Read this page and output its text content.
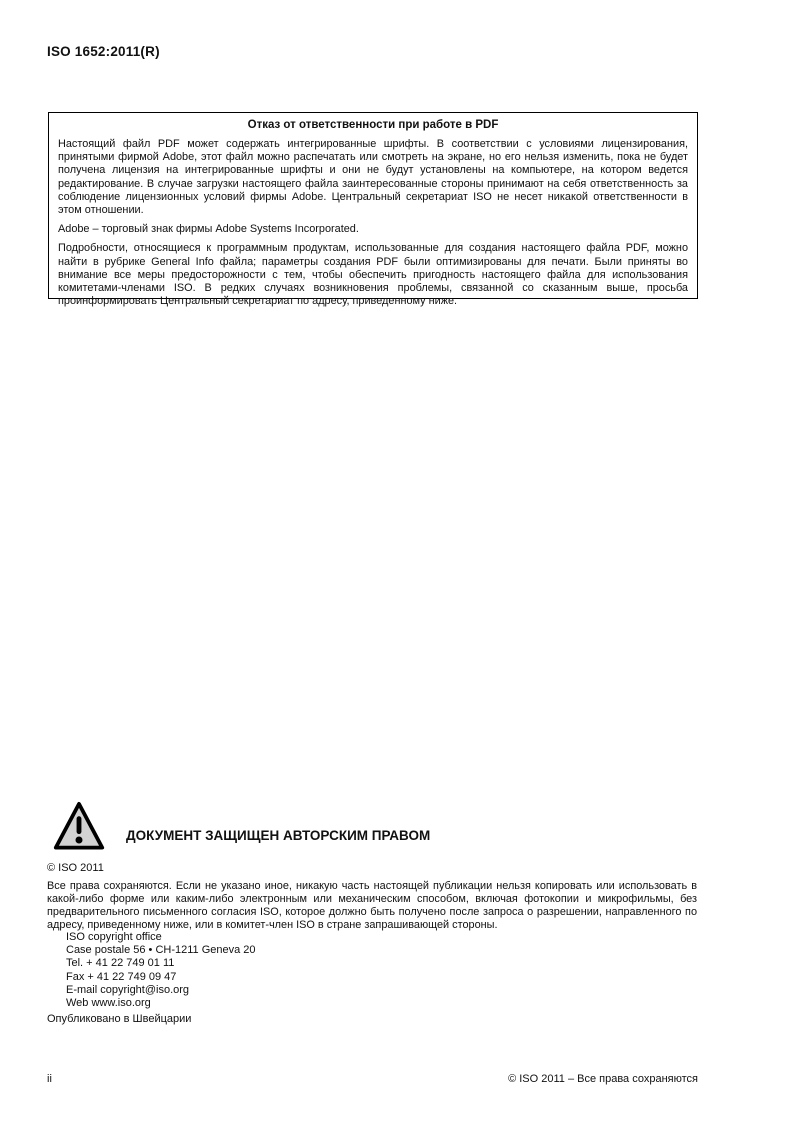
ISO 1652:2011(R)
Отказ от ответственности при работе в PDF

Настоящий файл PDF может содержать интегрированные шрифты. В соответствии с условиями лицензирования, принятыми фирмой Adobe, этот файл можно распечатать или смотреть на экране, но его нельзя изменить, пока не будет получена лицензия на интегрированные шрифты и они не будут установлены на компьютере, на котором ведется редактирование. В случае загрузки настоящего файла заинтересованные стороны принимают на себя ответственность за соблюдение лицензионных условий фирмы Adobe. Центральный секретариат ISO не несет никакой ответственности в этом отношении.

Adobe – торговый знак фирмы Adobe Systems Incorporated.

Подробности, относящиеся к программным продуктам, использованные для создания настоящего файла PDF, можно найти в рубрике General Info файла; параметры создания PDF были оптимизированы для печати. Были приняты во внимание все меры предосторожности с тем, чтобы обеспечить пригодность настоящего файла для использования комитетами-членами ISO. В редких случаях возникновения проблемы, связанной со сказанным выше, просьба проинформировать Центральный секретариат по адресу, приведенному ниже.

ДОКУМЕНТ ЗАЩИЩЕН АВТОРСКИМ ПРАВОМ
© ISO 2011

Все права сохраняются. Если не указано иное, никакую часть настоящей публикации нельзя копировать или использовать в какой-либо форме или каким-либо электронным или механическим способом, включая фотокопии и микрофильмы, без предварительного письменного согласия ISO, которое должно быть получено после запроса о разрешении, направленного по адресу, приведенному ниже, или в комитет-член ISO в стране запрашивающей стороны.

ISO copyright office
Case postale 56 • CH-1211 Geneva 20
Tel. + 41 22 749 01 11
Fax + 41 22 749 09 47
E-mail copyright@iso.org
Web www.iso.org
Опубликовано в Швейцарии
ii	© ISO 2011 – Все права сохраняются
